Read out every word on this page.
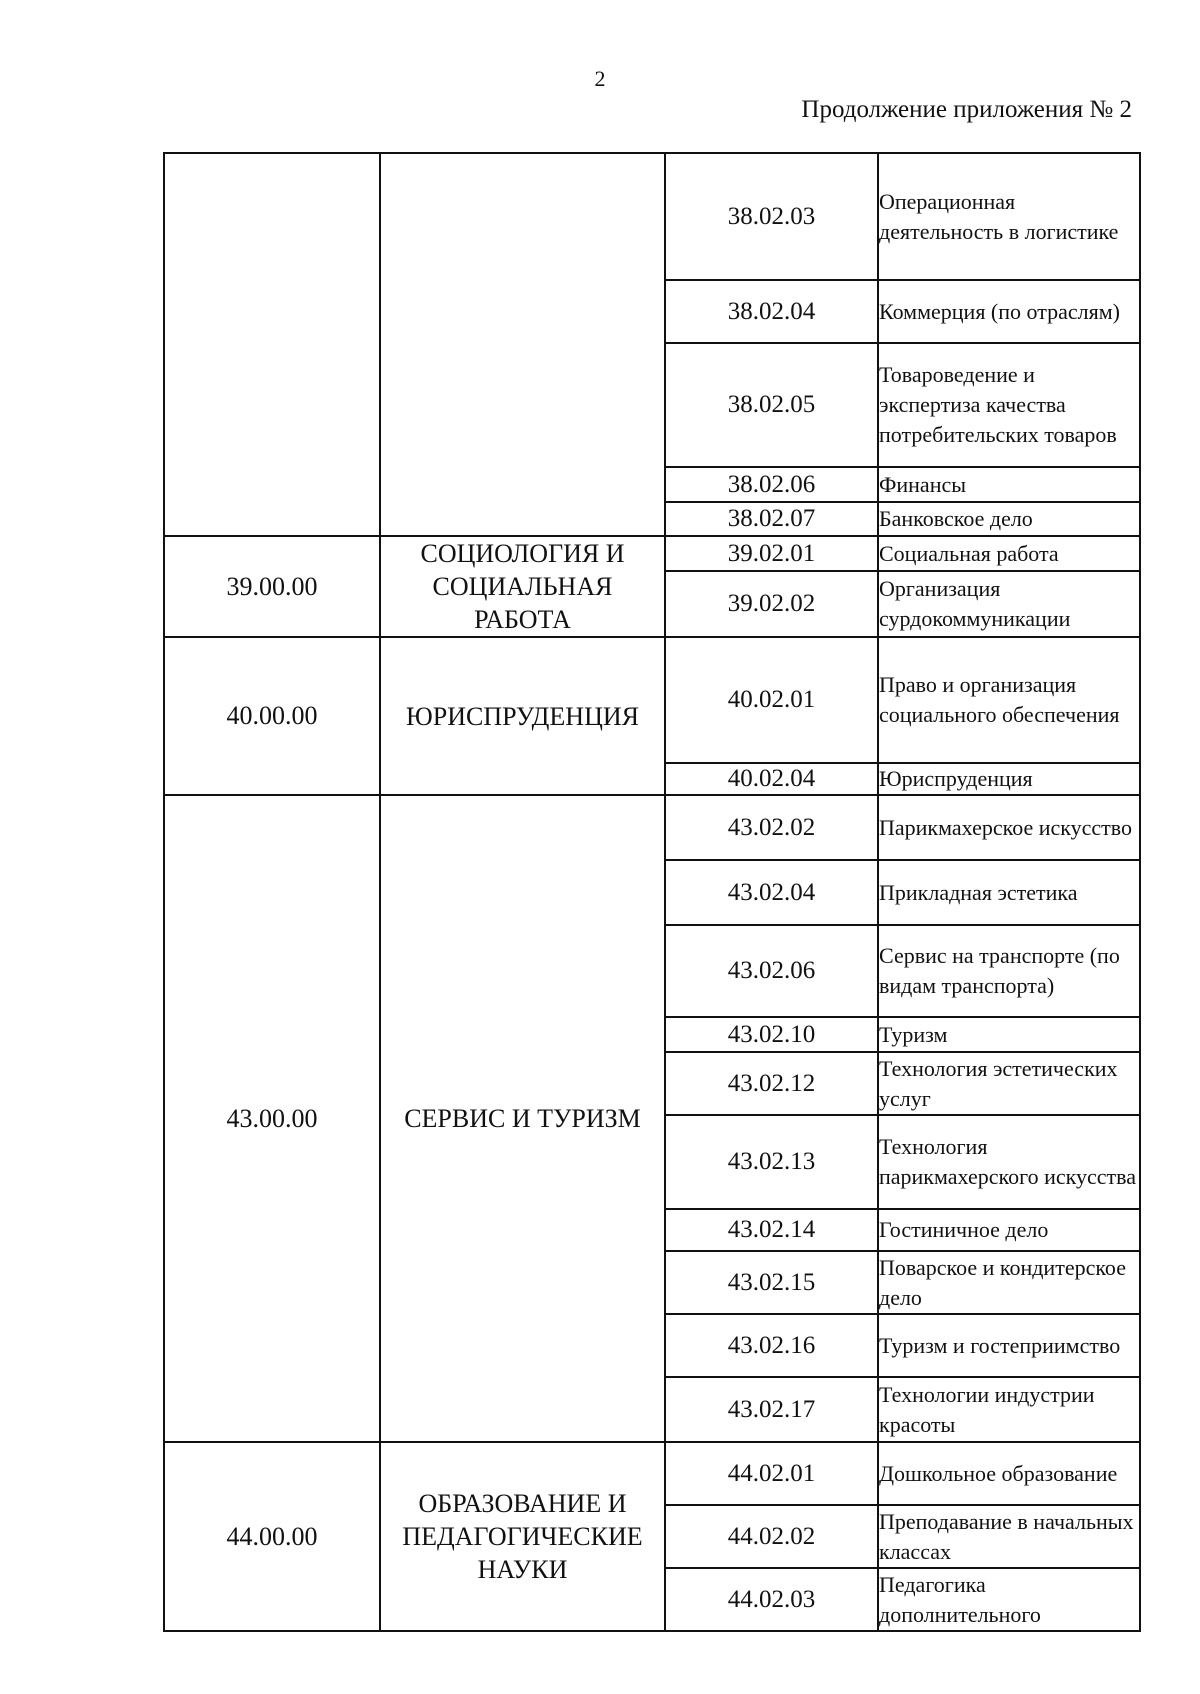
2
Продолжение приложения № 2
		38.02.03	Операционная деятельность в логистике
		38.02.04	Коммерция (по отраслям)
		38.02.05	Товароведение и экспертиза качества потребительских товаров
		38.02.06	Финансы
		38.02.07	Банковское дело
39.00.00	СОЦИОЛОГИЯ И СОЦИАЛЬНАЯ РАБОТА	39.02.01	Социальная работа
		39.02.02	Организация сурдокоммуникации
40.00.00	ЮРИСПРУДЕНЦИЯ	40.02.01	Право и организация социального обеспечения
		40.02.04	Юриспруденция
43.00.00	СЕРВИС И ТУРИЗМ	43.02.02	Парикмахерское искусство
		43.02.04	Прикладная эстетика
		43.02.06	Сервис на транспорте (по видам транспорта)
		43.02.10	Туризм
		43.02.12	Технология эстетических услуг
		43.02.13	Технология парикмахерского искусства
		43.02.14	Гостиничное дело
		43.02.15	Поварское и кондитерское дело
		43.02.16	Туризм и гостеприимство
		43.02.17	Технологии индустрии красоты
44.00.00	ОБРАЗОВАНИЕ И ПЕДАГОГИЧЕСКИЕ НАУКИ	44.02.01	Дошкольное образование
		44.02.02	Преподавание в начальных классах
		44.02.03	Педагогика дополнительного
